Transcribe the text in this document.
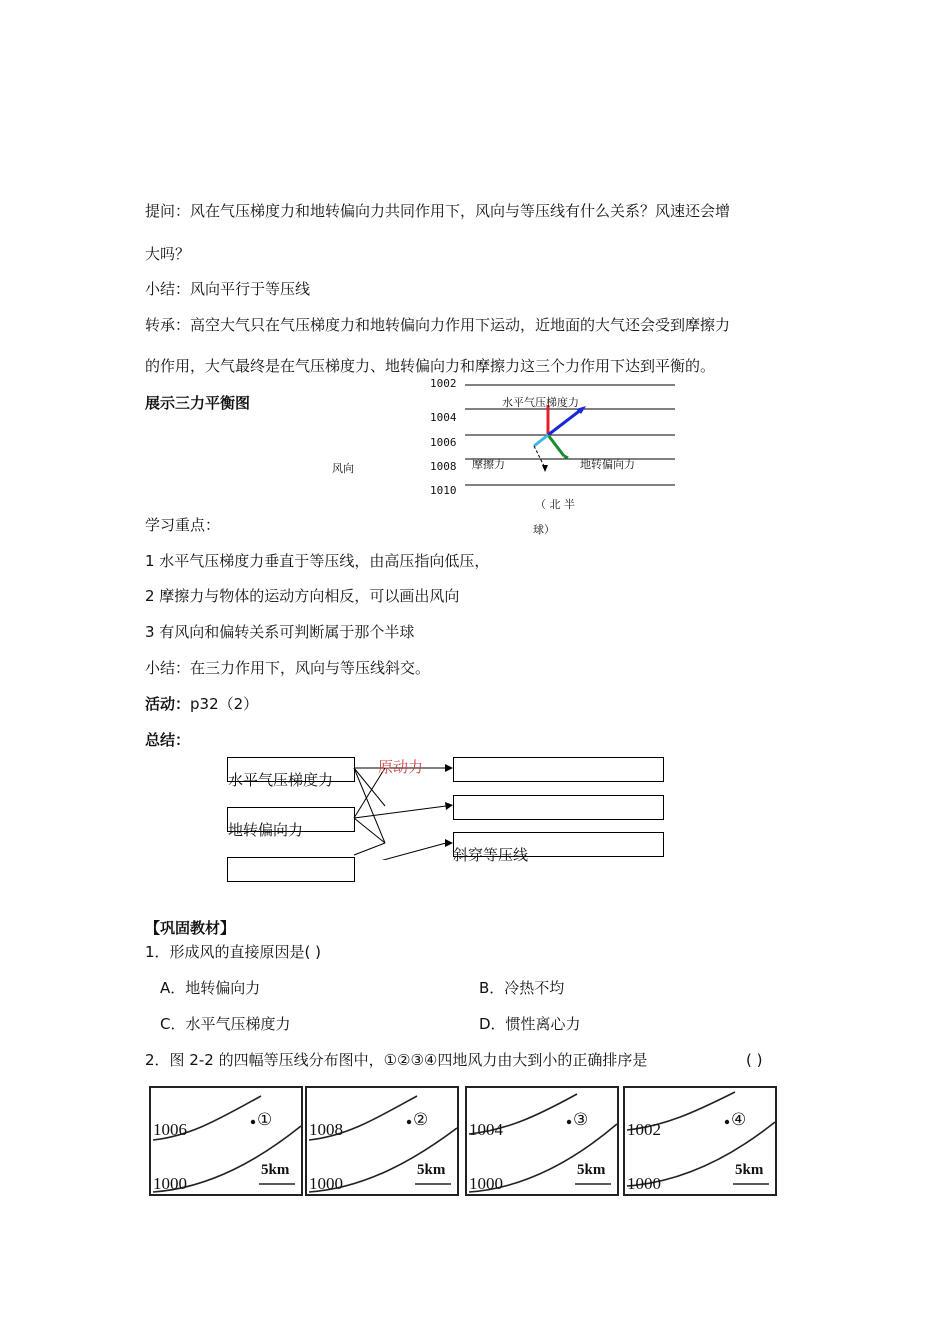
提问：风在气压梯度力和地转偏向力共同作用下，风向与等压线有什么关系？风速还会增
大吗？
小结：风向平行于等压线
转承：高空大气只在气压梯度力和地转偏向力作用下运动，近地面的大气还会受到摩擦力
的作用，大气最终是在气压梯度力、地转偏向力和摩擦力这三个力作用下达到平衡的。
展示三力平衡图
1002
1004
1006
1008
1010
水平气压梯度力
摩擦力	地转偏向力
（ 北 半
球）
风向
学习重点：
1 水平气压梯度力垂直于等压线，由高压指向低压，
2 摩擦力与物体的运动方向相反，可以画出风向
3 有风向和偏转关系可判断属于那个半球
小结：在三力作用下，风向与等压线斜交。
活动：p32（2）
总结：
水平气压梯度力
地转偏向力
原动力
斜穿等压线
【巩固教材】
1．形成风的直接原因是( )
A．地转偏向力	B．冷热不均
C．水平气压梯度力	D．惯性离心力
2．图 2-2 的四幅等压线分布图中，①②③④四地风力由大到小的正确排序是	( )
1006
1000
①
5km
1008
1000
②
5km
1004
1000
③
5km
1002
1000
④
5km
